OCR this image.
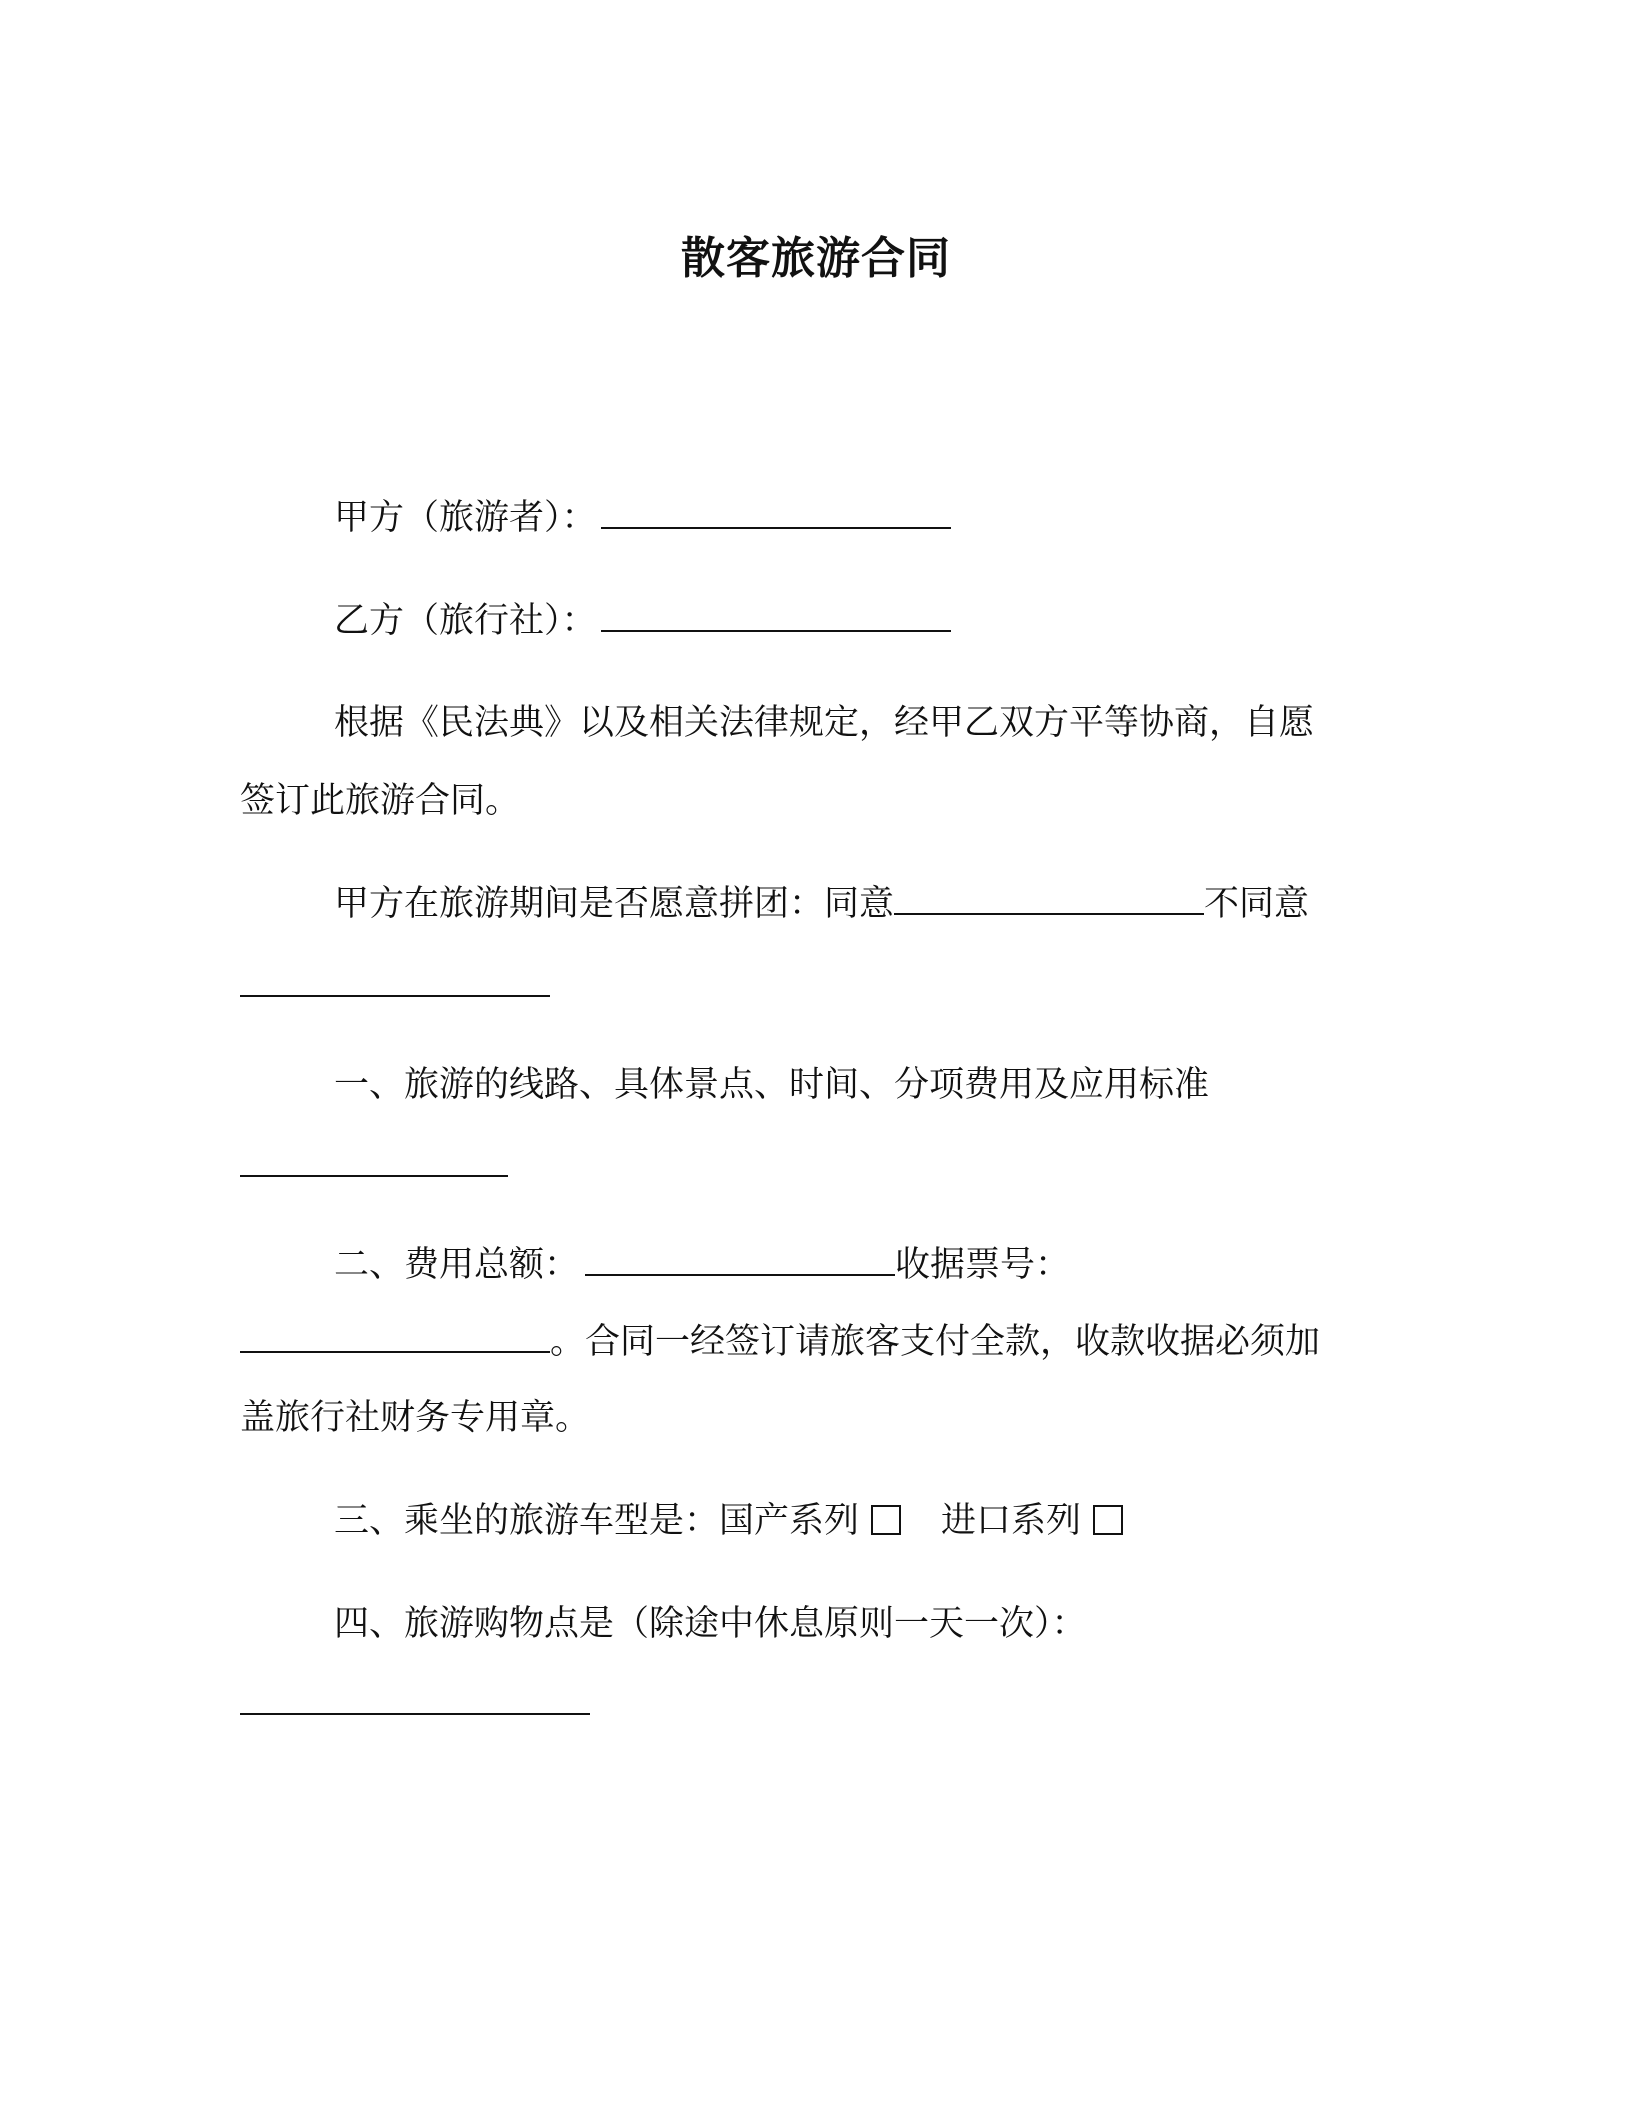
散客旅游合同
甲方（旅游者）：
乙方（旅行社）：
根据《民法典》以及相关法律规定，经甲乙双方平等协商，自愿
签订此旅游合同。
甲方在旅游期间是否愿意拼团：同意	不同意
一、旅游的线路、具体景点、时间、分项费用及应用标准
二、费用总额：	收据票号：
。合同一经签订请旅客支付全款，收款收据必须加
盖旅行社财务专用章。
三、乘坐的旅游车型是：国产系列 进口系列
四、旅游购物点是（除途中休息原则一天一次）：
